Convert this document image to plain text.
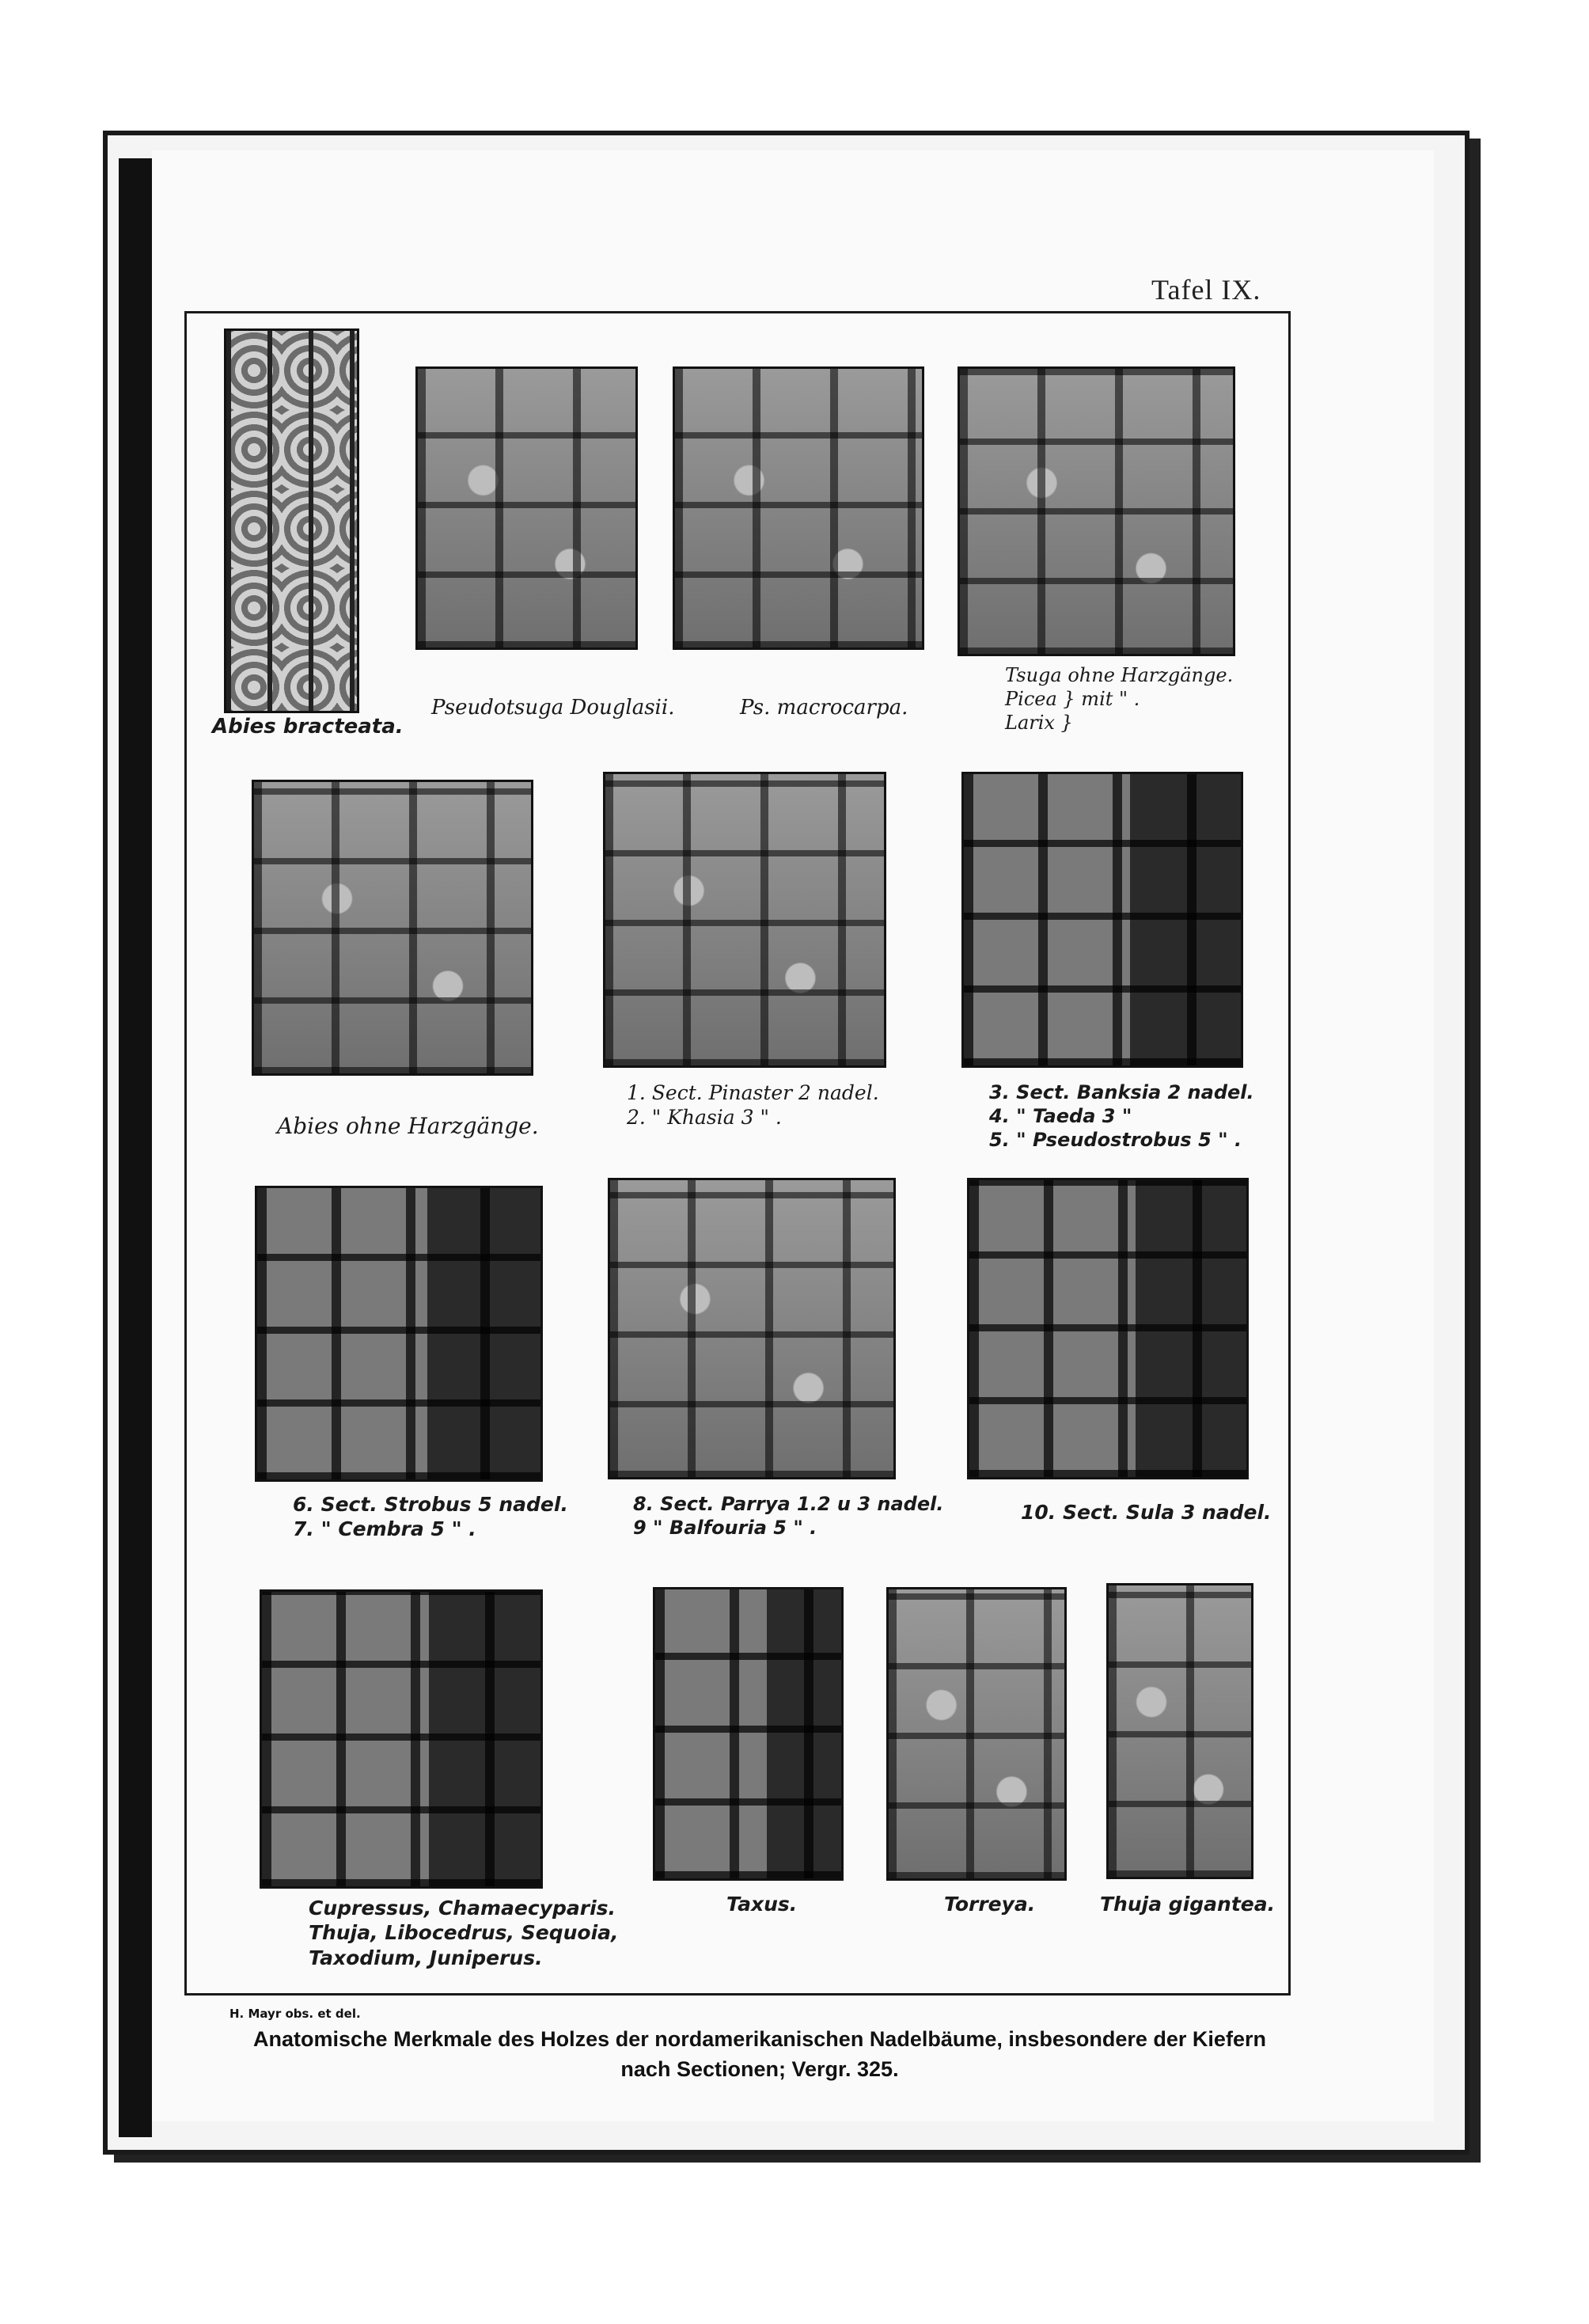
Tafel IX.
Abies bracteata.
Pseudotsuga Douglasii.	Ps. macrocarpa.
Tsuga ohne Harzgänge.
Picea } mit " .
Larix }
Abies ohne Harzgänge.
1. Sect. Pinaster 2 nadel.
2. " Khasia 3 " .
3. Sect. Banksia 2 nadel.
4. " Taeda 3 "
5. " Pseudostrobus 5 " .
6. Sect. Strobus 5 nadel.
7. " Cembra 5 " .
8. Sect. Parrya 1.2 u 3 nadel.
9 " Balfouria 5 " .
10. Sect. Sula 3 nadel.
Cupressus, Chamaecyparis.
Thuja, Libocedrus, Sequoia,
Taxodium, Juniperus.
Taxus.	Torreya.	Thuja gigantea.
H. Mayr obs. et del.
Anatomische Merkmale des Holzes der nordamerikanischen Nadelbäume, insbesondere der Kiefern
nach Sectionen; Vergr. 325.
